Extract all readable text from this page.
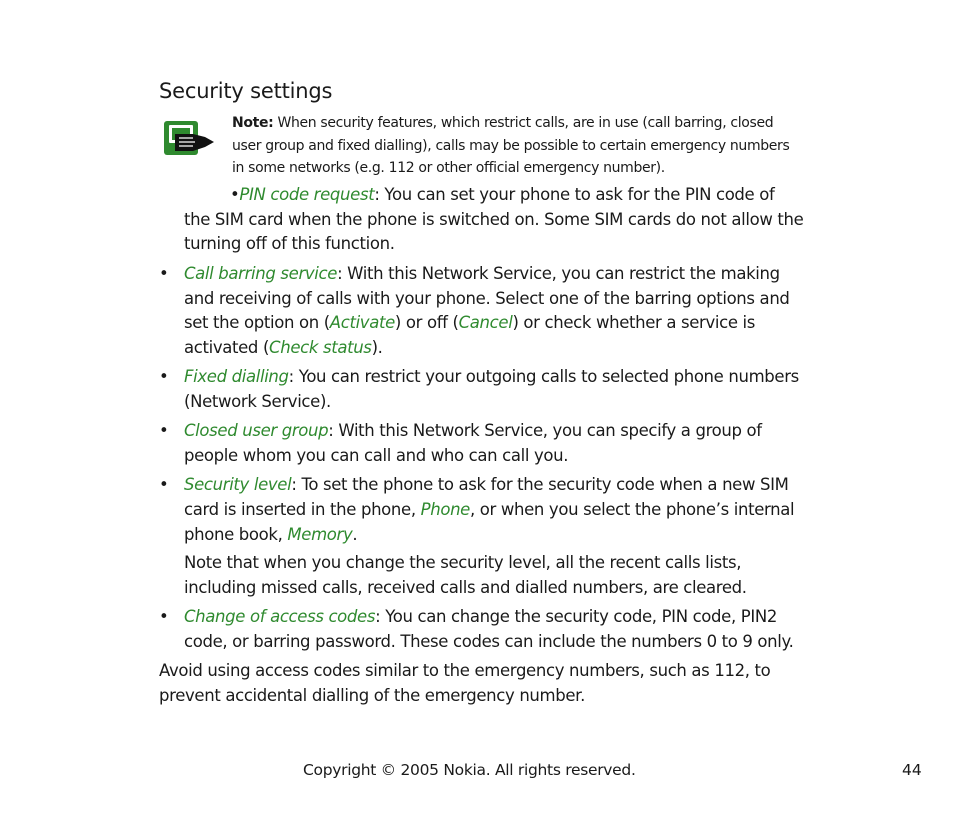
Security settings
Note: When security features, which restrict calls, are in use (call barring, closed user group and fixed dialling), calls may be possible to certain emergency numbers in some networks (e.g. 112 or other official emergency number).
•PIN code request: You can set your phone to ask for the PIN code of the SIM card when the phone is switched on. Some SIM cards do not allow the turning off of this function.
• Call barring service: With this Network Service, you can restrict the making and receiving of calls with your phone. Select one of the barring options and set the option on (Activate) or off (Cancel) or check whether a service is activated (Check status).
• Fixed dialling: You can restrict your outgoing calls to selected phone numbers (Network Service).
• Closed user group: With this Network Service, you can specify a group of people whom you can call and who can call you.
• Security level: To set the phone to ask for the security code when a new SIM card is inserted in the phone, Phone, or when you select the phone’s internal phone book, Memory.

Note that when you change the security level, all the recent calls lists, including missed calls, received calls and dialled numbers, are cleared.

• Change of access codes: You can change the security code, PIN code, PIN2 code, or barring password. These codes can include the numbers 0 to 9 only.

Avoid using access codes similar to the emergency numbers, such as 112, to prevent accidental dialling of the emergency number.

Copyright © 2005 Nokia. All rights reserved.	44
